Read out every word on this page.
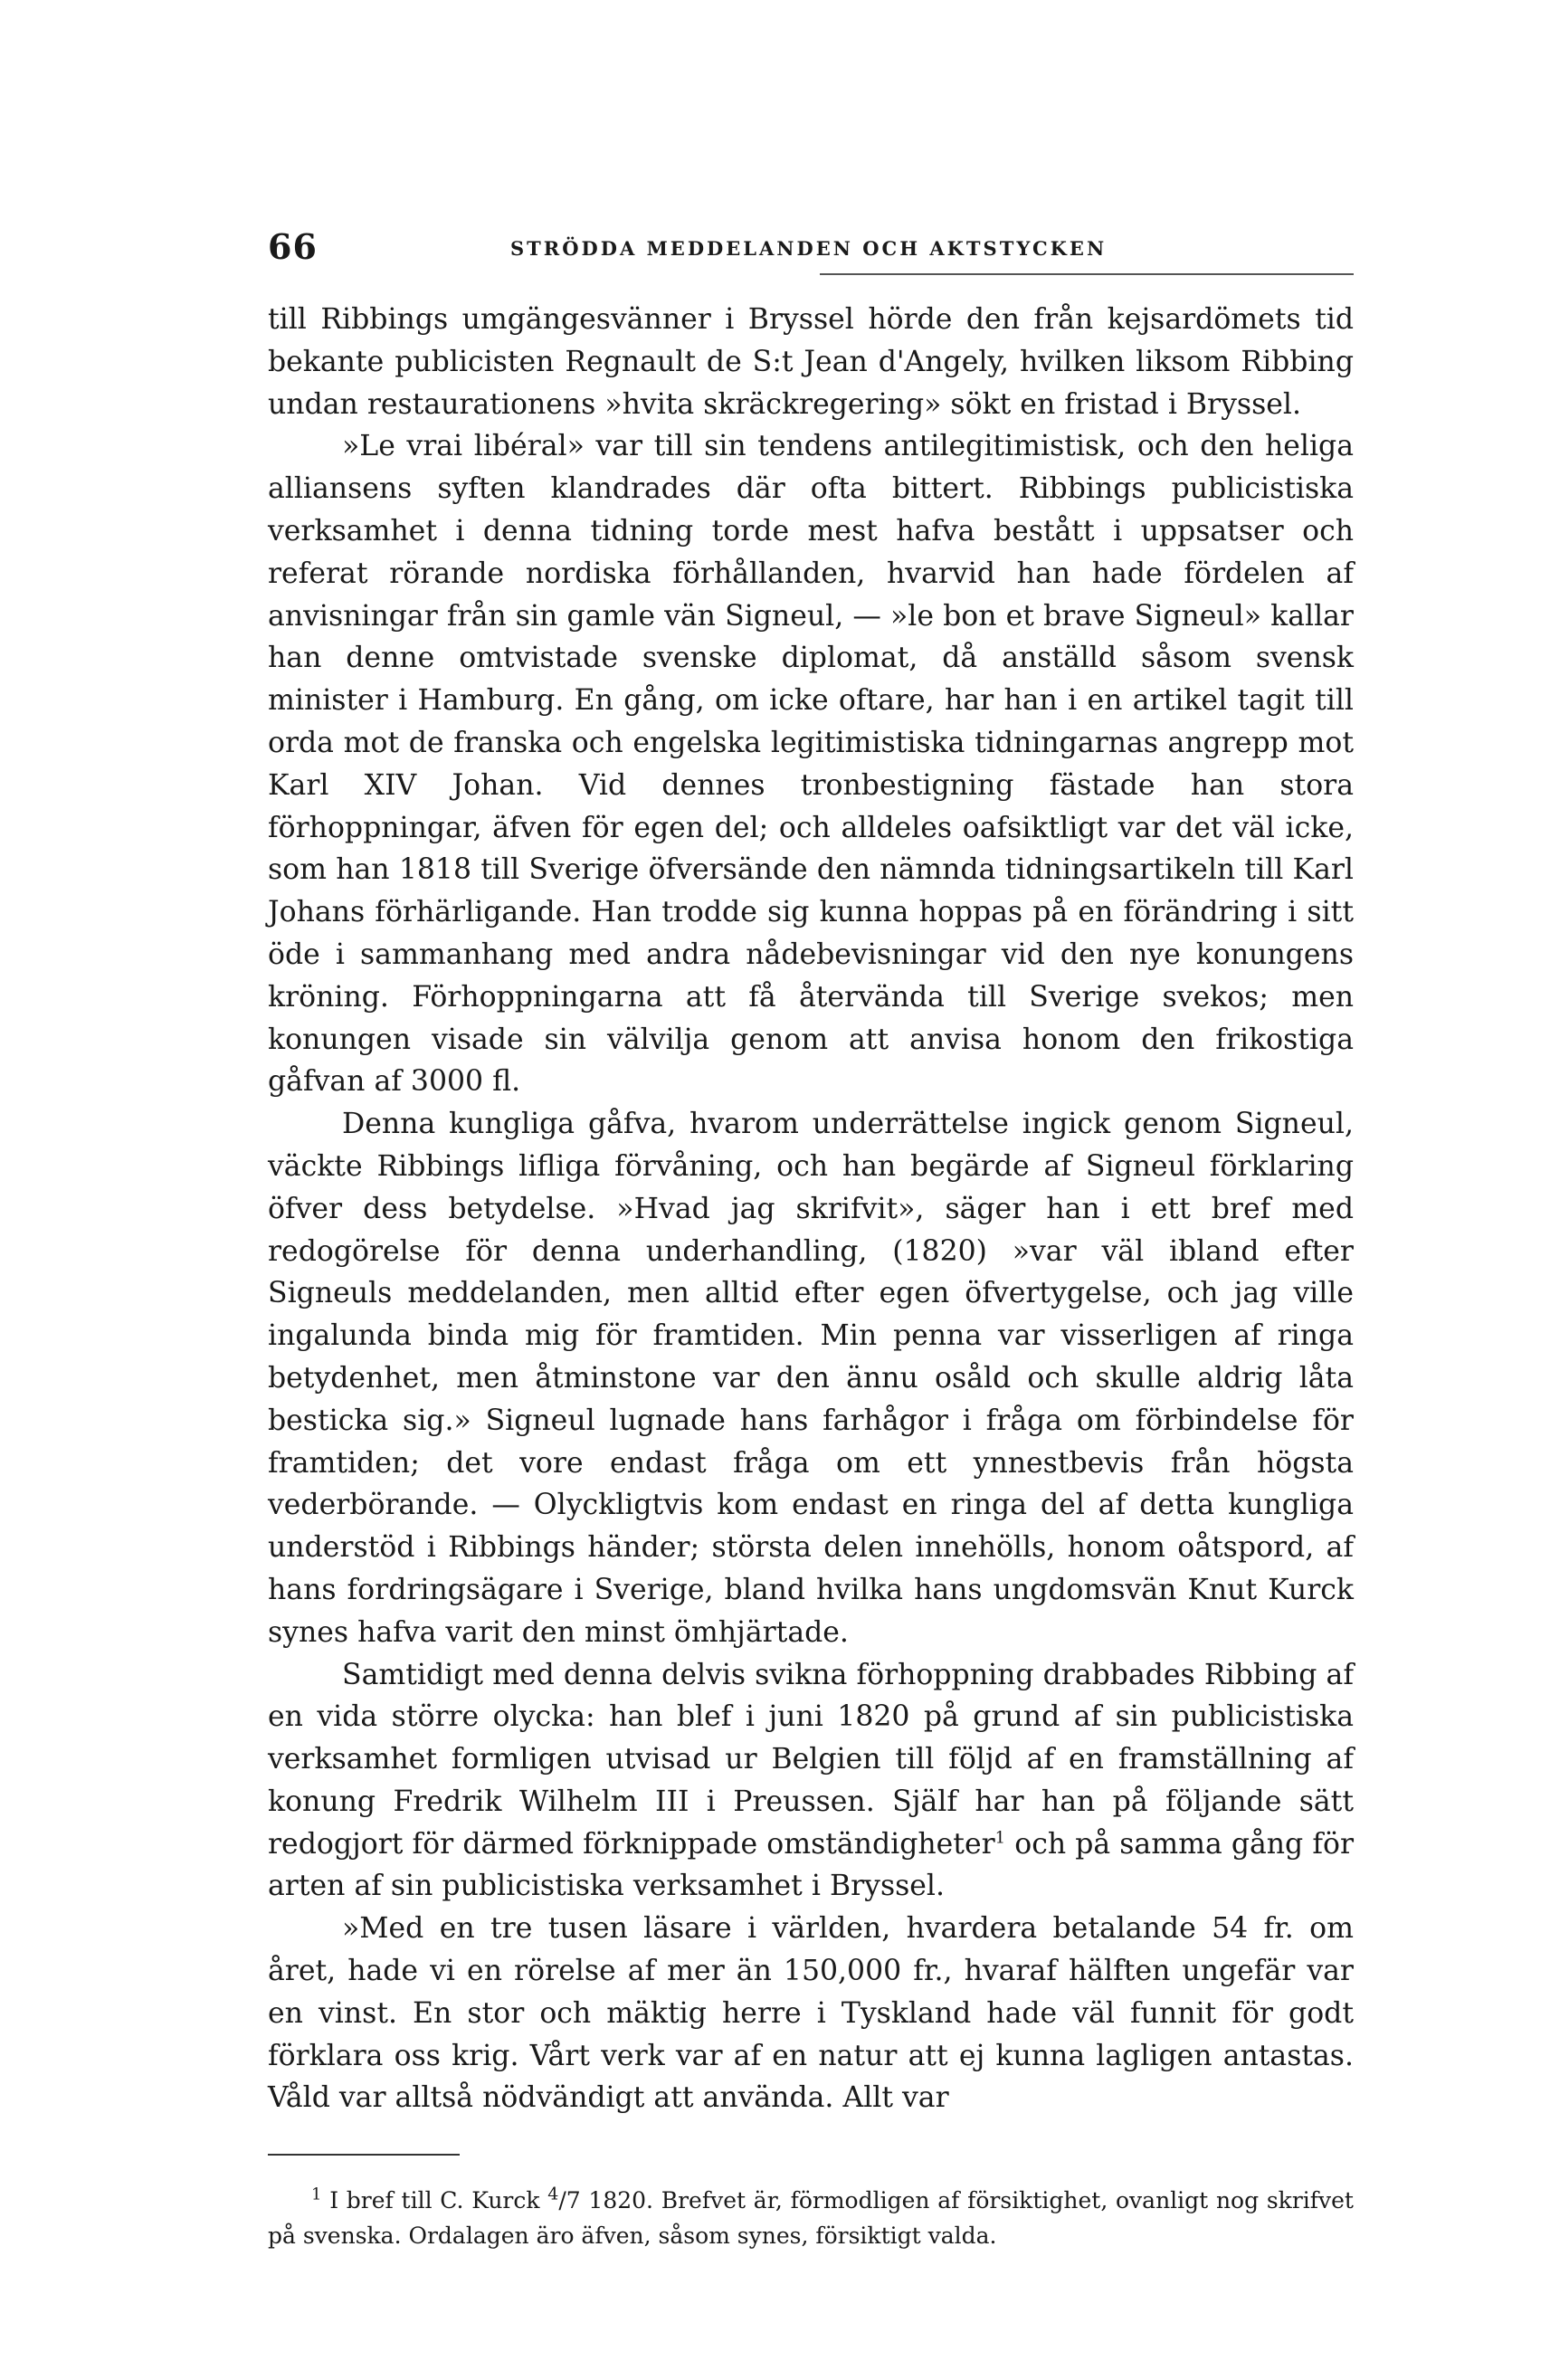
66	STRÖDDA MEDDELANDEN OCH AKTSTYCKEN

till Ribbings umgängesvänner i Bryssel hörde den från kejsardömets tid bekante publicisten Regnault de S:t Jean d'Angely, hvilken liksom Ribbing undan restaurationens »hvita skräckregering» sökt en fristad i Bryssel.

»Le vrai libéral» var till sin tendens antilegitimistisk, och den heliga alliansens syften klandrades där ofta bittert. Ribbings publicistiska verksamhet i denna tidning torde mest hafva bestått i uppsatser och referat rörande nordiska förhållanden, hvarvid han hade fördelen af anvisningar från sin gamle vän Signeul, — »le bon et brave Signeul» kallar han denne omtvistade svenske diplomat, då anställd såsom svensk minister i Hamburg. En gång, om icke oftare, har han i en artikel tagit till orda mot de franska och engelska legitimistiska tidningarnas angrepp mot Karl XIV Johan. Vid dennes tronbestigning fästade han stora förhoppningar, äfven för egen del; och alldeles oafsiktligt var det väl icke, som han 1818 till Sverige öfversände den nämnda tidningsartikeln till Karl Johans förhärligande. Han trodde sig kunna hoppas på en förändring i sitt öde i sammanhang med andra nådebevisningar vid den nye konungens kröning. Förhoppningarna att få återvända till Sverige svekos; men konungen visade sin välvilja genom att anvisa honom den frikostiga gåfvan af 3000 fl.

Denna kungliga gåfva, hvarom underrättelse ingick genom Signeul, väckte Ribbings lifliga förvåning, och han begärde af Signeul förklaring öfver dess betydelse. »Hvad jag skrifvit», säger han i ett bref med redogörelse för denna underhandling, (1820) »var väl ibland efter Signeuls meddelanden, men alltid efter egen öfvertygelse, och jag ville ingalunda binda mig för framtiden. Min penna var visserligen af ringa betydenhet, men åtminstone var den ännu osåld och skulle aldrig låta besticka sig.» Signeul lugnade hans farhågor i fråga om förbindelse för framtiden; det vore endast fråga om ett ynnestbevis från högsta vederbörande. — Olyckligtvis kom endast en ringa del af detta kungliga understöd i Ribbings händer; största delen innehölls, honom oåtspord, af hans fordringsägare i Sverige, bland hvilka hans ungdomsvän Knut Kurck synes hafva varit den minst ömhjärtade.

Samtidigt med denna delvis svikna förhoppning drabbades Ribbing af en vida större olycka: han blef i juni 1820 på grund af sin publicistiska verksamhet formligen utvisad ur Belgien till följd af en framställning af konung Fredrik Wilhelm III i Preussen. Själf har han på följande sätt redogjort för därmed förknippade omständigheter$^1$ och på samma gång för arten af sin publicistiska verksamhet i Bryssel.

»Med en tre tusen läsare i världen, hvardera betalande 54 fr. om året, hade vi en rörelse af mer än 150,000 fr., hvaraf hälften ungefär var en vinst. En stor och mäktig herre i Tyskland hade väl funnit för godt förklara oss krig. Vårt verk var af en natur att ej kunna lagligen antastas. Våld var alltså nödvändigt att använda. Allt var

$^1$ I bref till C. Kurck $^4$/7 1820. Brefvet är, förmodligen af försiktighet, ovanligt nog skrifvet på svenska. Ordalagen äro äfven, såsom synes, försiktigt valda.
